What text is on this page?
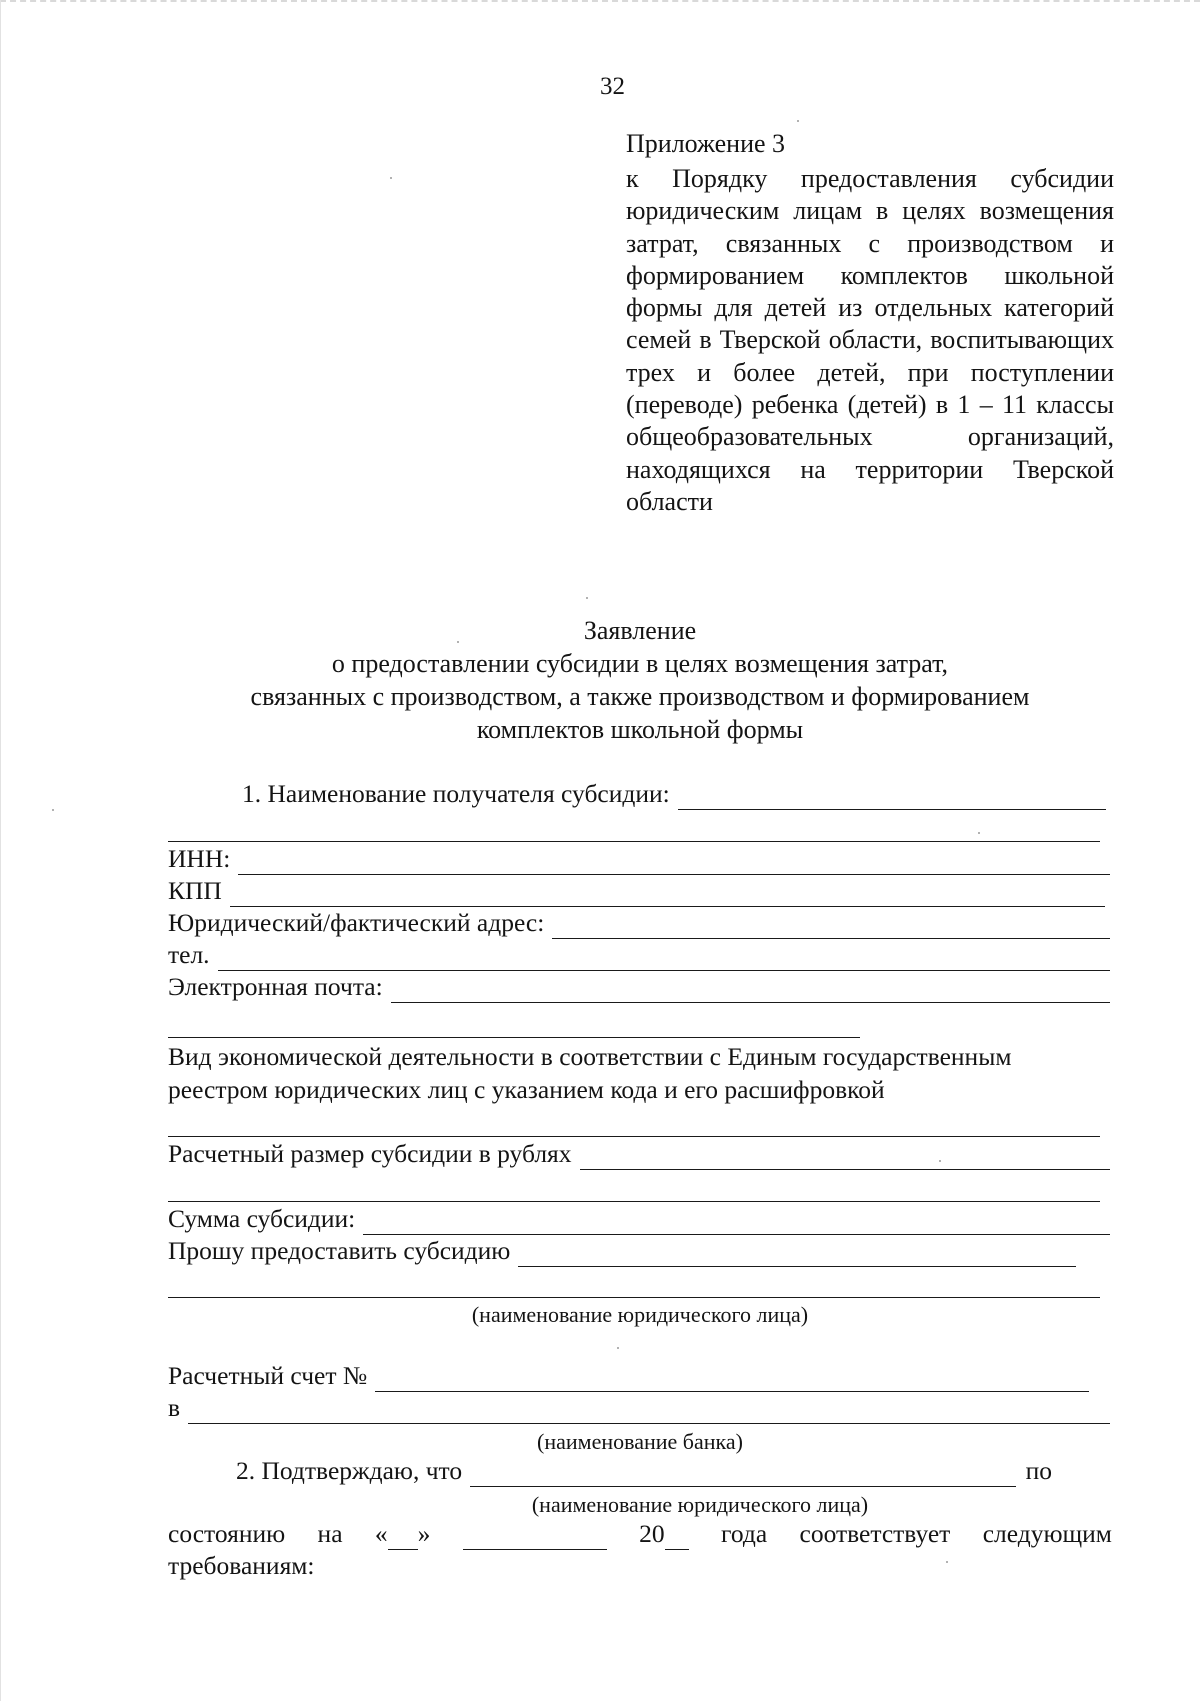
32
Приложение 3
к Порядку предоставления субсидии юридическим лицам в целях возмещения затрат, связанных с производством и формированием комплектов школьной формы для детей из отдельных категорий семей в Тверской области, воспитывающих трех и более детей, при поступлении (переводе) ребенка (детей) в 1 – 11 классы общеобразовательных организаций, находящихся на территории Тверской области
Заявление
о предоставлении субсидии в целях возмещения затрат,
связанных с производством, а также производством и формированием
комплектов школьной формы
1. Наименование получателя субсидии:
ИНН:
КПП
Юридический/фактический адрес:
тел.
Электронная почта:
Вид экономической деятельности в соответствии с Единым государственным
реестром юридических лиц с указанием кода и его расшифровкой
Расчетный размер субсидии в рублях
Сумма субсидии:
Прошу предоставить субсидию
(наименование юридического лица)
Расчетный счет №
в
(наименование банка)
2. Подтверждаю, что	по
(наименование юридического лица)
состоянию на « »	20	года соответствует следующим
требованиям:
